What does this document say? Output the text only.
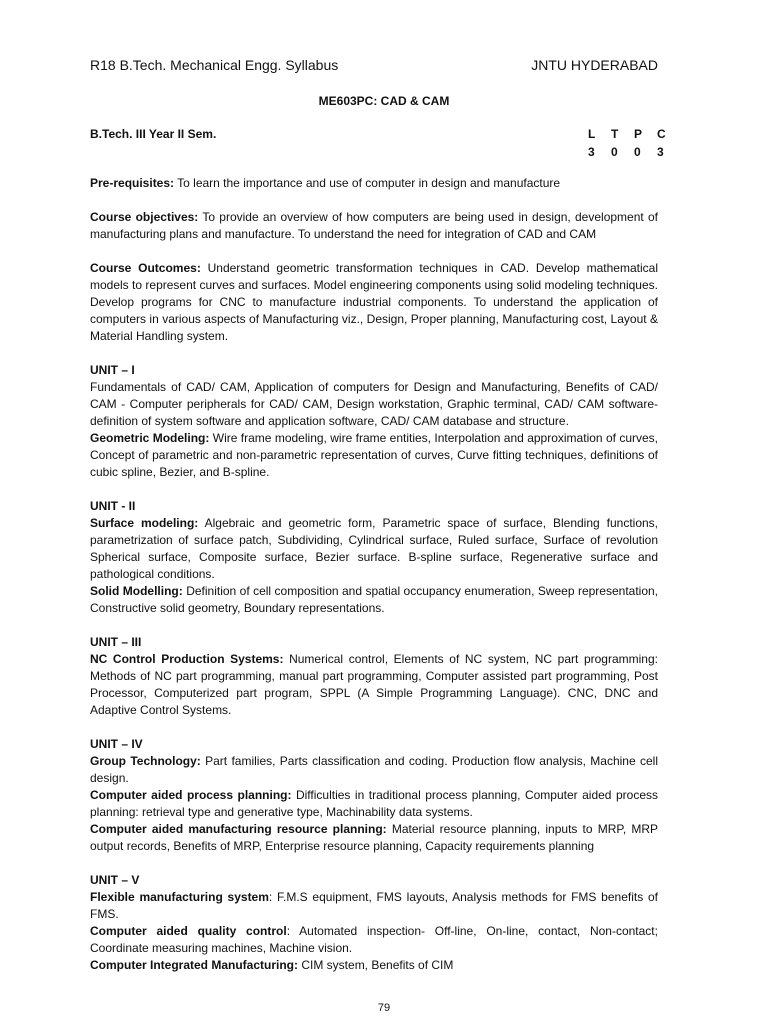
R18 B.Tech. Mechanical Engg. Syllabus	JNTU HYDERABAD
ME603PC: CAD & CAM
B.Tech. III Year II Sem.	L	T	P	C
3	0	0	3

Pre-requisites: To learn the importance and use of computer in design and manufacture

Course objectives: To provide an overview of how computers are being used in design, development of manufacturing plans and manufacture. To understand the need for integration of CAD and CAM

Course Outcomes: Understand geometric transformation techniques in CAD. Develop mathematical models to represent curves and surfaces. Model engineering components using solid modeling techniques. Develop programs for CNC to manufacture industrial components. To understand the application of computers in various aspects of Manufacturing viz., Design, Proper planning, Manufacturing cost, Layout & Material Handling system.

UNIT – I

Fundamentals of CAD/ CAM, Application of computers for Design and Manufacturing, Benefits of CAD/ CAM - Computer peripherals for CAD/ CAM, Design workstation, Graphic terminal, CAD/ CAM software- definition of system software and application software, CAD/ CAM database and structure.

Geometric Modeling: Wire frame modeling, wire frame entities, Interpolation and approximation of curves, Concept of parametric and non-parametric representation of curves, Curve fitting techniques, definitions of cubic spline, Bezier, and B-spline.

UNIT - II

Surface modeling: Algebraic and geometric form, Parametric space of surface, Blending functions, parametrization of surface patch, Subdividing, Cylindrical surface, Ruled surface, Surface of revolution Spherical surface, Composite surface, Bezier surface. B-spline surface, Regenerative surface and pathological conditions.

Solid Modelling: Definition of cell composition and spatial occupancy enumeration, Sweep representation, Constructive solid geometry, Boundary representations.

UNIT – III

NC Control Production Systems: Numerical control, Elements of NC system, NC part programming: Methods of NC part programming, manual part programming, Computer assisted part programming, Post Processor, Computerized part program, SPPL (A Simple Programming Language). CNC, DNC and Adaptive Control Systems.

UNIT – IV

Group Technology: Part families, Parts classification and coding. Production flow analysis, Machine cell design.

Computer aided process planning: Difficulties in traditional process planning, Computer aided process planning: retrieval type and generative type, Machinability data systems.

Computer aided manufacturing resource planning: Material resource planning, inputs to MRP, MRP output records, Benefits of MRP, Enterprise resource planning, Capacity requirements planning

UNIT – V

Flexible manufacturing system: F.M.S equipment, FMS layouts, Analysis methods for FMS benefits of FMS.

Computer aided quality control: Automated inspection- Off-line, On-line, contact, Non-contact; Coordinate measuring machines, Machine vision.

Computer Integrated Manufacturing: CIM system, Benefits of CIM

79
